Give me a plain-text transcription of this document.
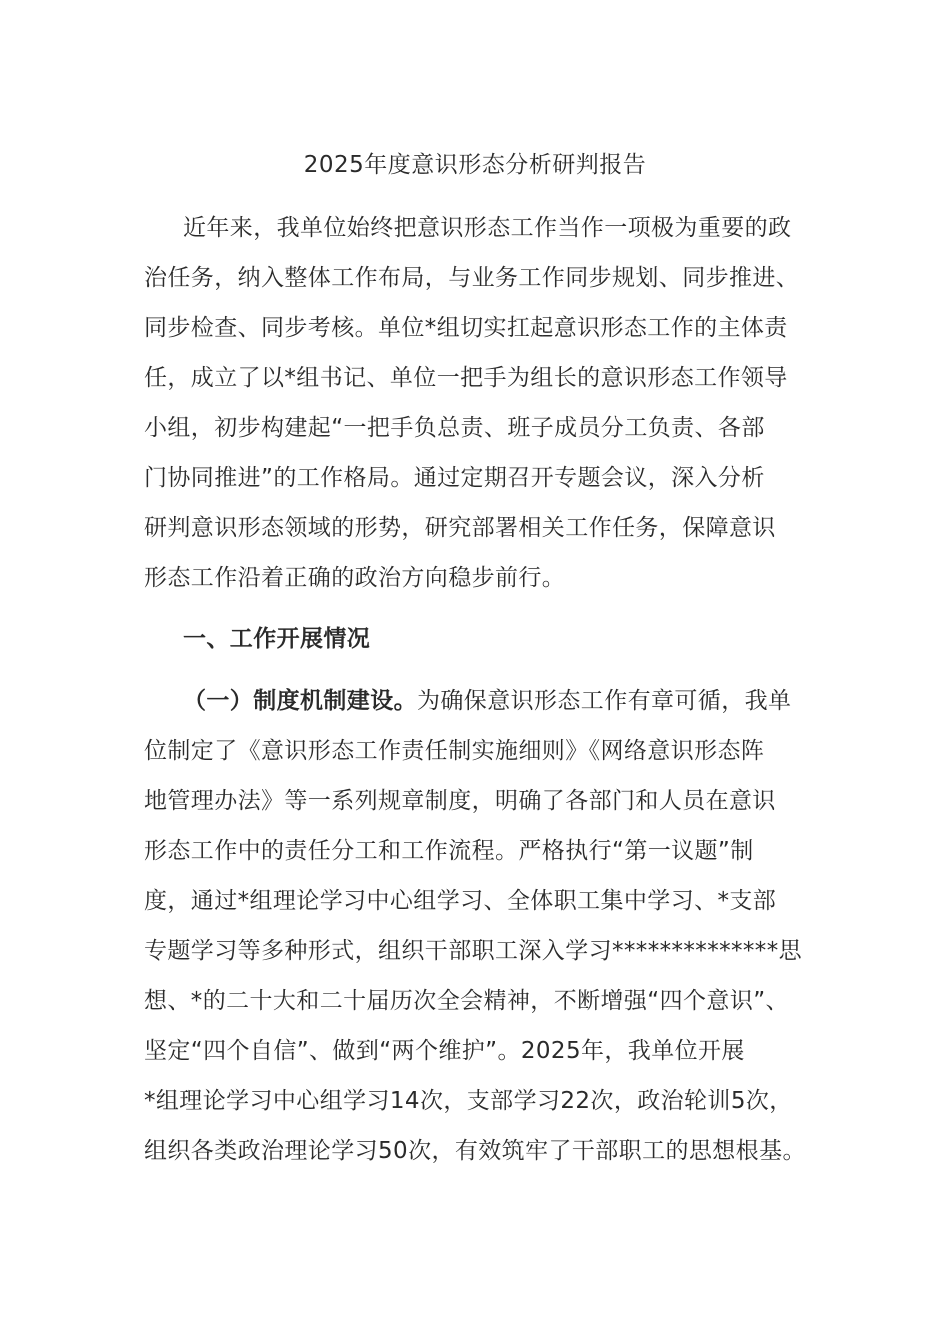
2025年度意识形态分析研判报告
近年来，我单位始终把意识形态工作当作一项极为重要的政
治任务，纳入整体工作布局，与业务工作同步规划、同步推进、
同步检查、同步考核。单位*组切实扛起意识形态工作的主体责
任，成立了以*组书记、单位一把手为组长的意识形态工作领导
小组，初步构建起“一把手负总责、班子成员分工负责、各部
门协同推进”的工作格局。通过定期召开专题会议，深入分析
研判意识形态领域的形势，研究部署相关工作任务，保障意识
形态工作沿着正确的政治方向稳步前行。
一、工作开展情况
（一）制度机制建设。为确保意识形态工作有章可循，我单
位制定了《意识形态工作责任制实施细则》《网络意识形态阵
地管理办法》等一系列规章制度，明确了各部门和人员在意识
形态工作中的责任分工和工作流程。严格执行“第一议题”制
度，通过*组理论学习中心组学习、全体职工集中学习、*支部
专题学习等多种形式，组织干部职工深入学习**************思
想、*的二十大和二十届历次全会精神，不断增强“四个意识”、
坚定“四个自信”、做到“两个维护”。2025年，我单位开展
*组理论学习中心组学习14次，支部学习22次，政治轮训5次，
组织各类政治理论学习50次，有效筑牢了干部职工的思想根基。
